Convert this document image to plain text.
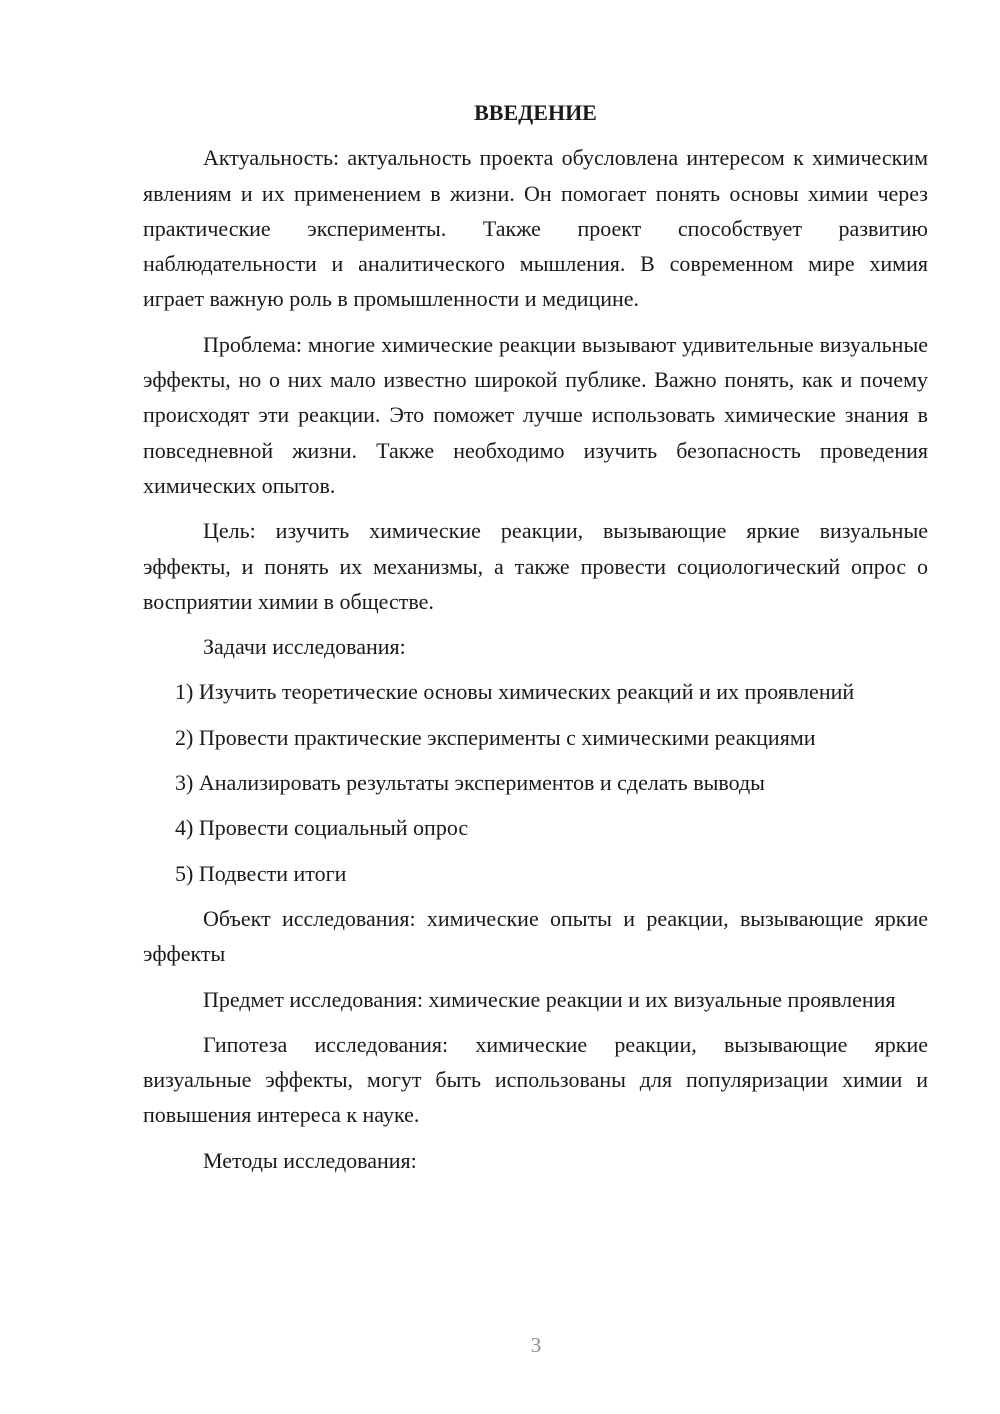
ВВЕДЕНИЕ

Актуальность: актуальность проекта обусловлена интересом к химическим явлениям и их применением в жизни. Он помогает понять основы химии через практические эксперименты. Также проект способствует развитию наблюдательности и аналитического мышления. В современном мире химия играет важную роль в промышленности и медицине.

Проблема: многие химические реакции вызывают удивительные визуальные эффекты, но о них мало известно широкой публике. Важно понять, как и почему происходят эти реакции. Это поможет лучше использовать химические знания в повседневной жизни. Также необходимо изучить безопасность проведения химических опытов.

Цель: изучить химические реакции, вызывающие яркие визуальные эффекты, и понять их механизмы, а также провести социологический опрос о восприятии химии в обществе.

Задачи исследования:

1) Изучить теоретические основы химических реакций и их проявлений

2) Провести практические эксперименты с химическими реакциями

3) Анализировать результаты экспериментов и сделать выводы

4) Провести социальный опрос

5) Подвести итоги

Объект исследования: химические опыты и реакции, вызывающие яркие эффекты

Предмет исследования: химические реакции и их визуальные проявления

Гипотеза исследования: химические реакции, вызывающие яркие визуальные эффекты, могут быть использованы для популяризации химии и повышения интереса к науке.

Методы исследования:

3
